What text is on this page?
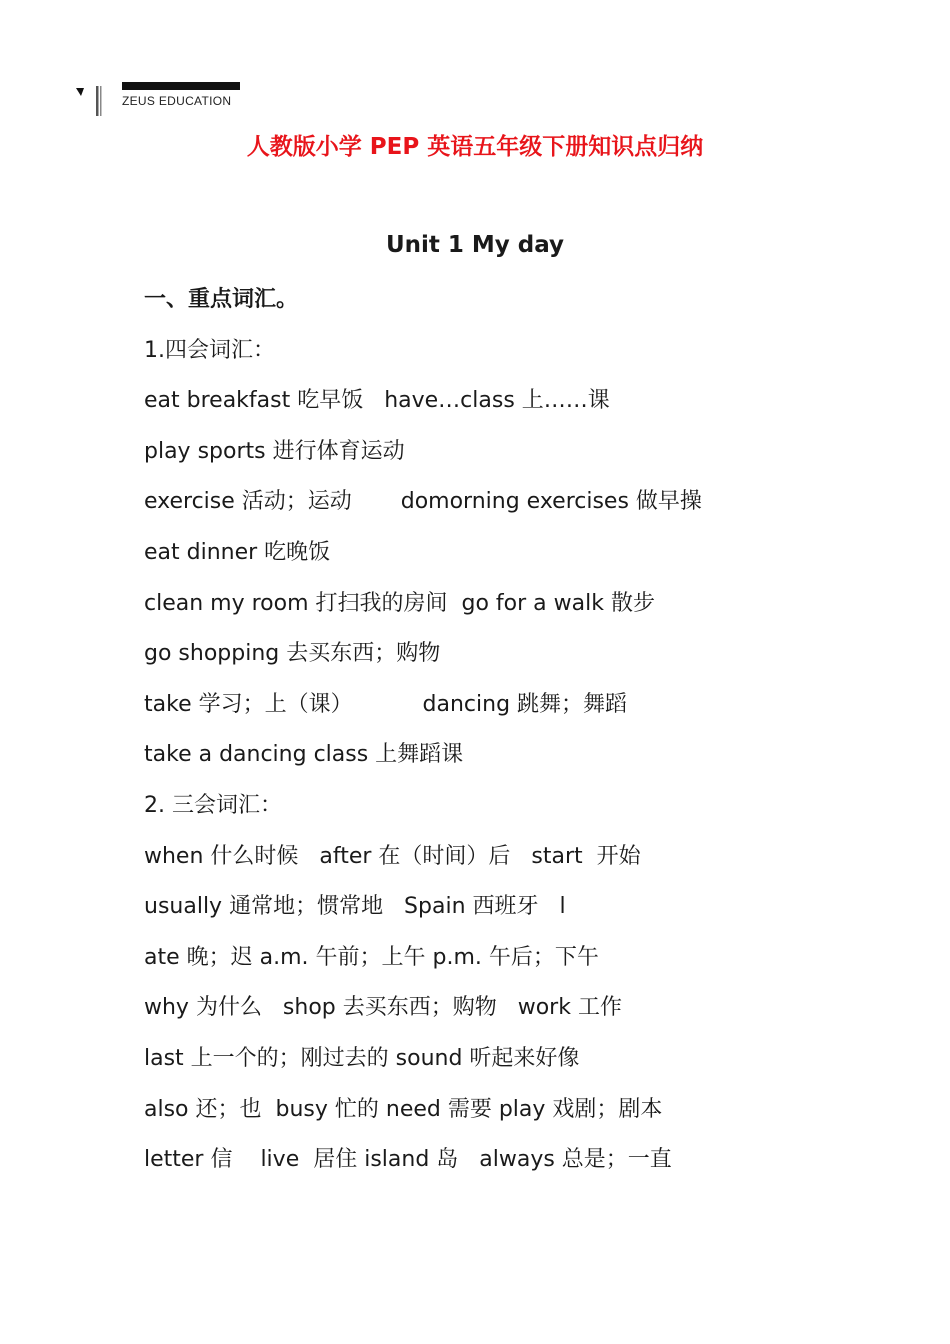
ZEUS EDUCATION
人教版小学 PEP 英语五年级下册知识点归纳
Unit 1 My day
一、重点词汇。
1.四会词汇：
eat breakfast 吃早饭   have…class 上……课
play sports 进行体育运动
exercise 活动；运动       domorning exercises 做早操
eat dinner 吃晚饭
clean my room 打扫我的房间  go for a walk 散步
go shopping 去买东西；购物
take 学习；上（课）          dancing 跳舞；舞蹈
take a dancing class 上舞蹈课
2. 三会词汇：
when 什么时候   after 在（时间）后   start  开始
usually 通常地；惯常地   Spain 西班牙   l
ate 晚；迟 a.m. 午前；上午 p.m. 午后；下午
why 为什么   shop 去买东西；购物   work 工作
last 上一个的；刚过去的 sound 听起来好像
also 还；也  busy 忙的 need 需要 play 戏剧；剧本
letter 信    live  居住 island 岛   always 总是；一直
